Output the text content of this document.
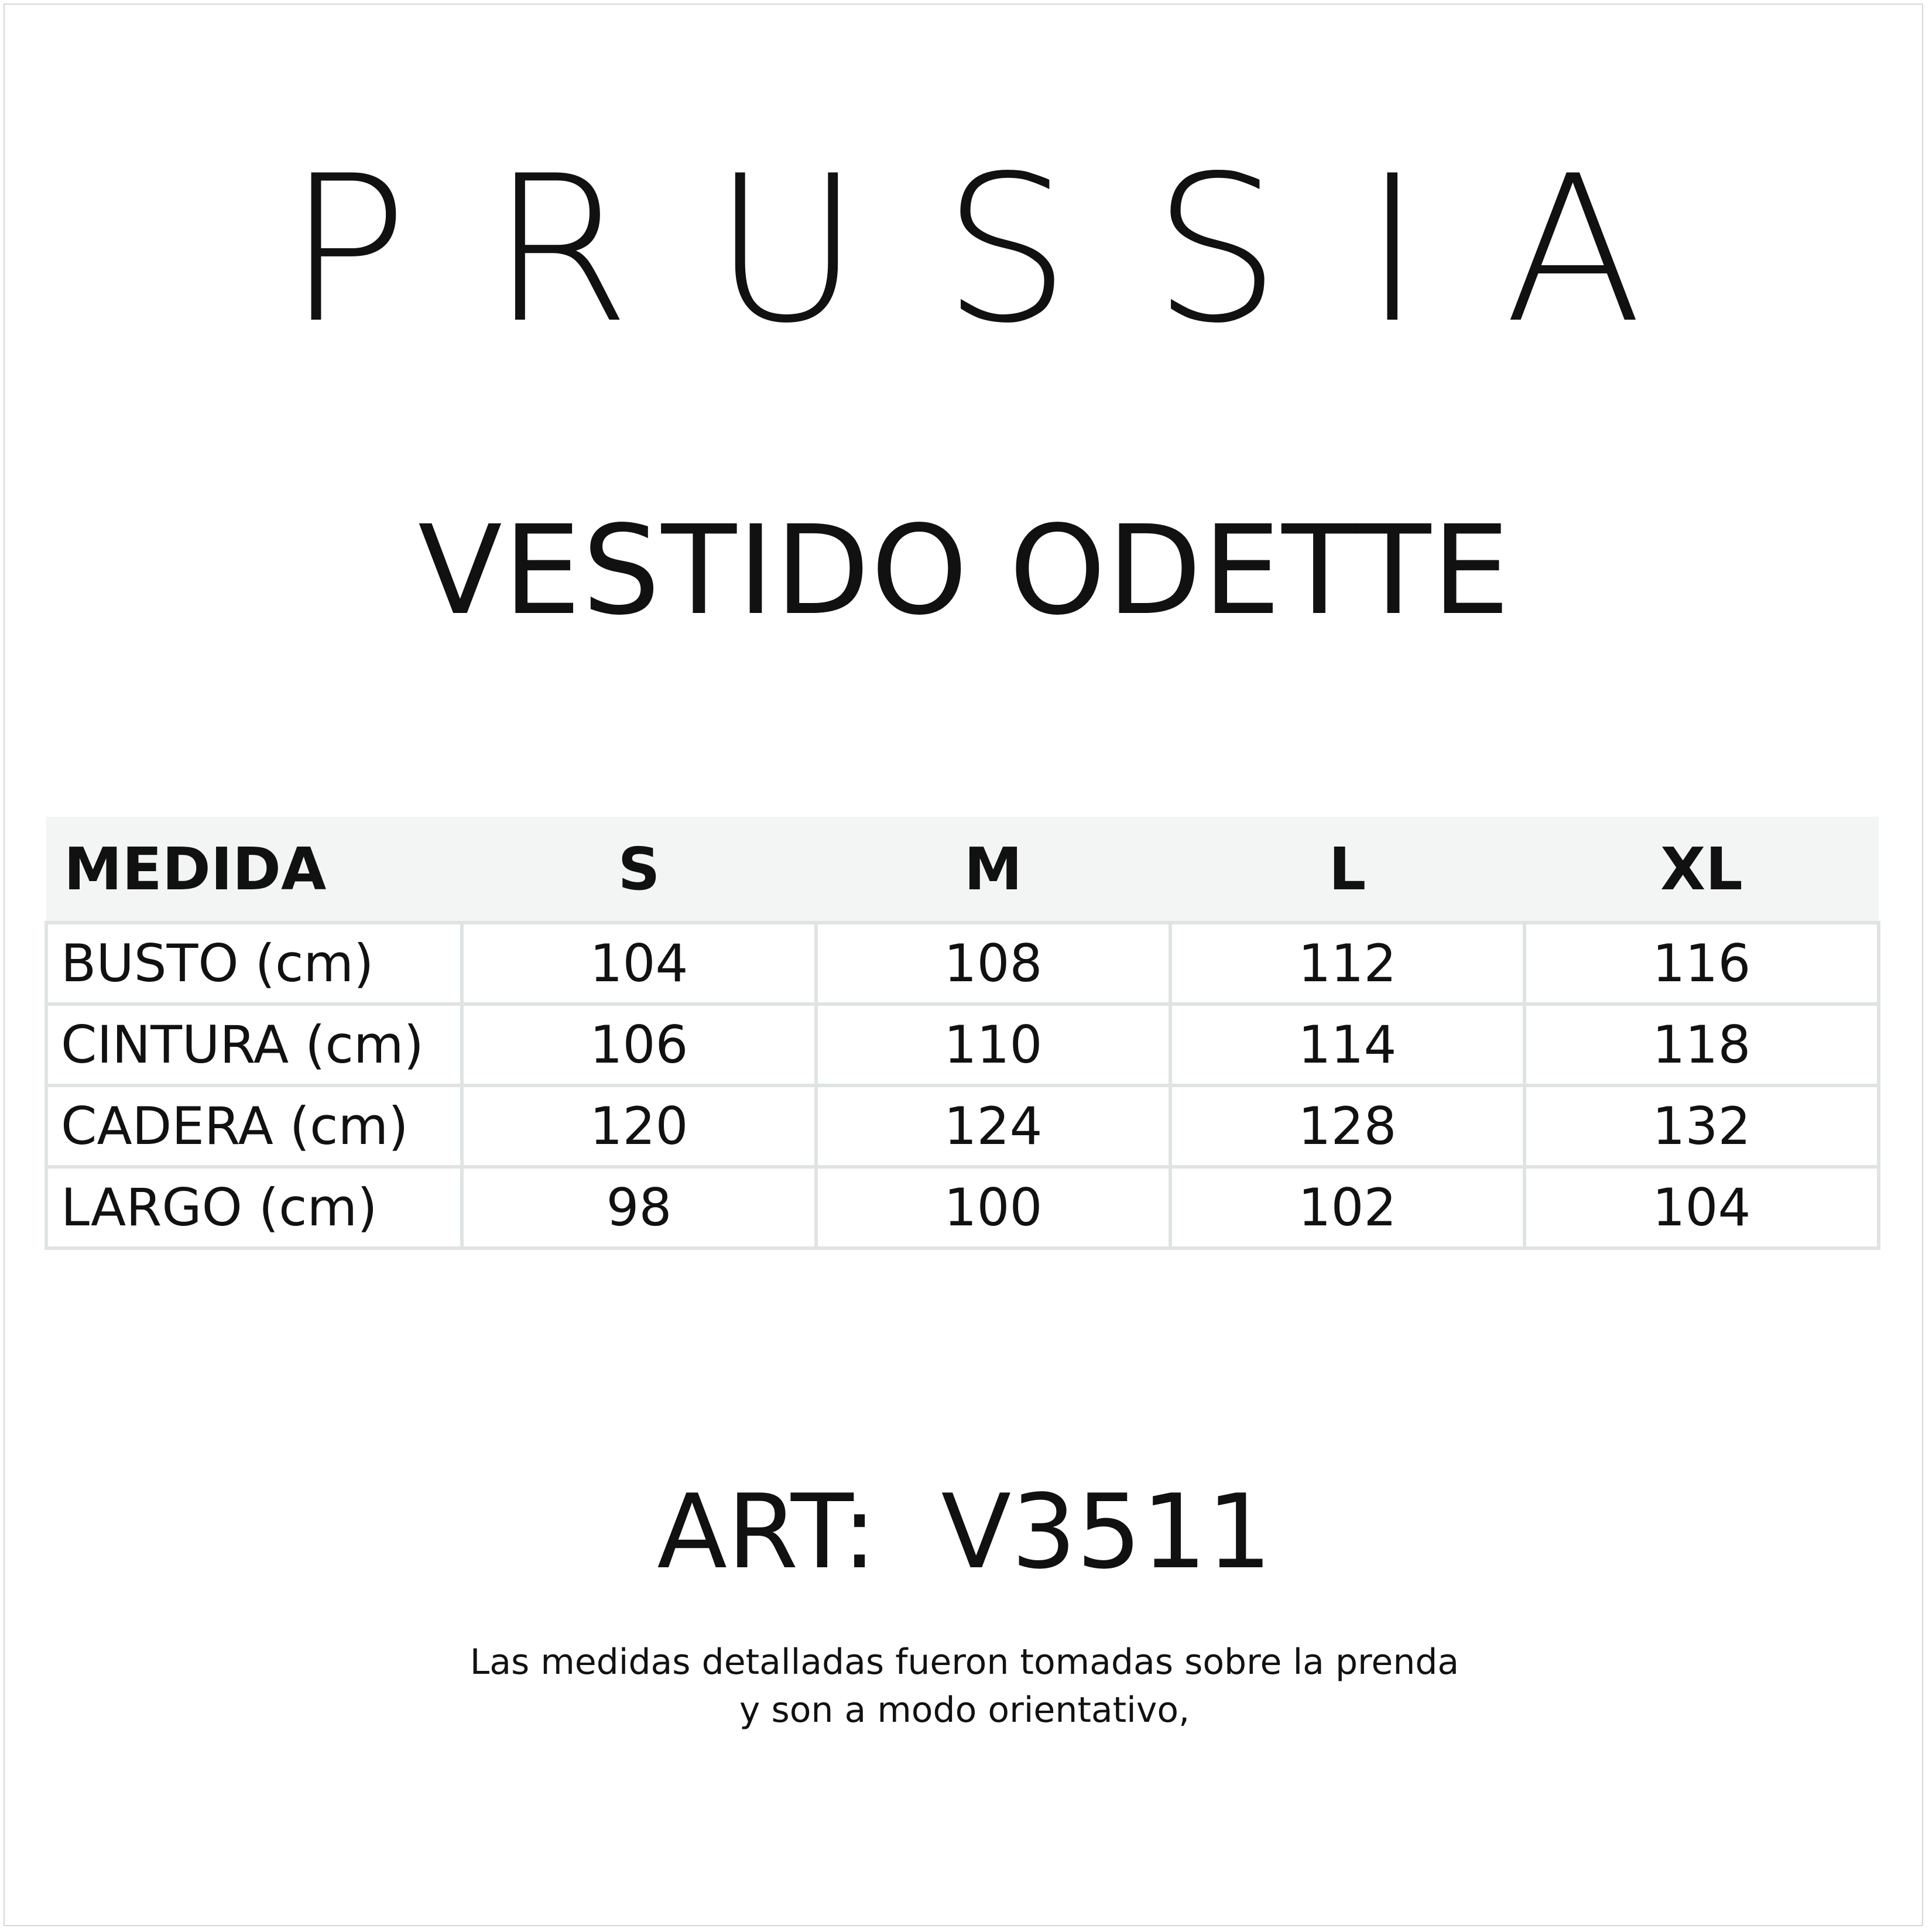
PRUSSIA
VESTIDO ODETTE
MEDIDA	S	M	L	XL
BUSTO (cm)	104	108	112	116
CINTURA (cm)	106	110	114	118
CADERA (cm)	120	124	128	132
LARGO (cm)	98	100	102	104
ART: V3511
Las medidas detalladas fueron tomadas sobre la prenda
y son a modo orientativo,
